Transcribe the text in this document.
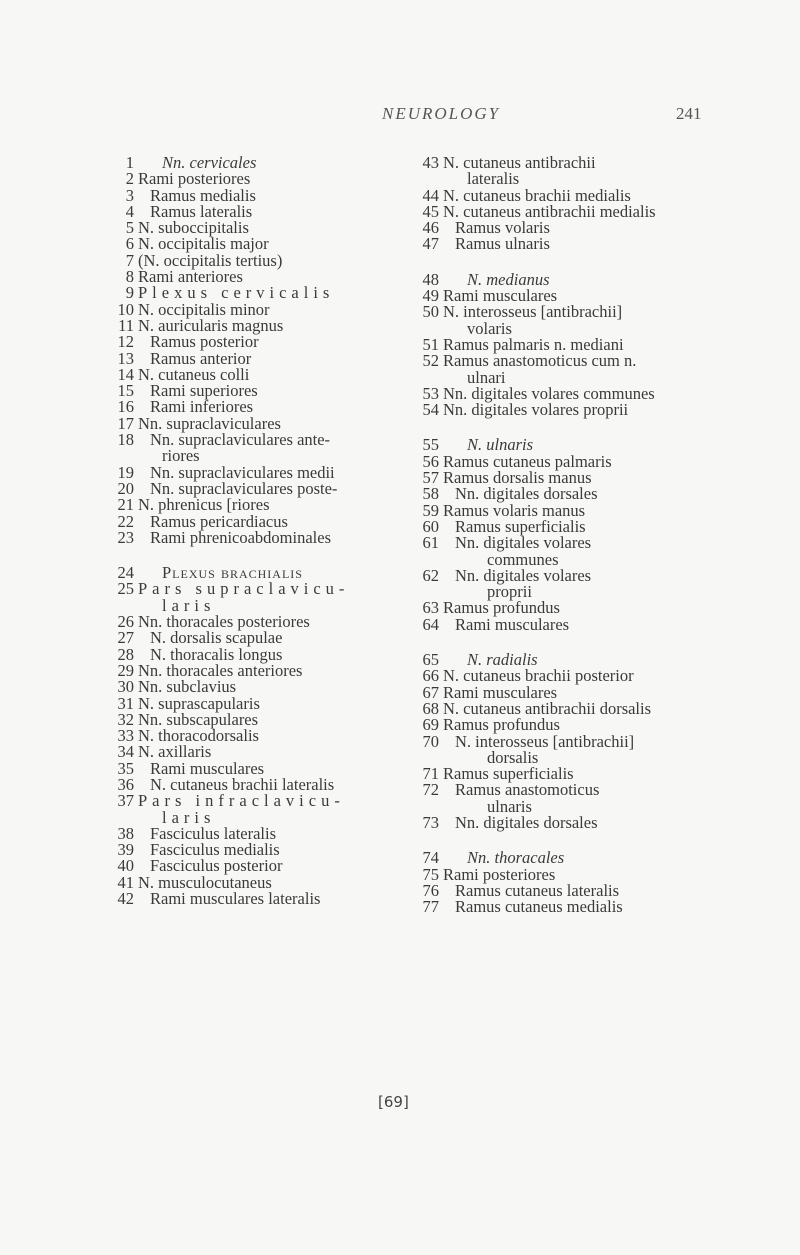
NEUROLOGY	241
1 Nn. cervicales
2 Rami posteriores
3 Ramus medialis
4 Ramus lateralis
5 N. suboccipitalis
6 N. occipitalis major
7 (N. occipitalis tertius)
8 Rami anteriores
9 Plexus cervicalis
10 N. occipitalis minor
11 N. auricularis magnus
12 Ramus posterior
13 Ramus anterior
14 N. cutaneus colli
15 Rami superiores
16 Rami inferiores
17 Nn. supraclaviculares
18 Nn. supraclaviculares ante-
riores
19 Nn. supraclaviculares medii
20 Nn. supraclaviculares poste-
21 N. phrenicus [riores
22 Ramus pericardiacus
23 Rami phrenicoabdominales
24 Plexus brachialis
25 Pars supraclavicu-
laris
26 Nn. thoracales posteriores
27 N. dorsalis scapulae
28 N. thoracalis longus
29 Nn. thoracales anteriores
30 Nn. subclavius
31 N. suprascapularis
32 Nn. subscapulares
33 N. thoracodorsalis
34 N. axillaris
35 Rami musculares
36 N. cutaneus brachii lateralis
37 Pars infraclavicu-
laris
38 Fasciculus lateralis
39 Fasciculus medialis
40 Fasciculus posterior
41 N. musculocutaneus
42 Rami musculares lateralis
43 N. cutaneus antibrachii
lateralis
44 N. cutaneus brachii medialis
45 N. cutaneus antibrachii medialis
46 Ramus volaris
47 Ramus ulnaris
48 N. medianus
49 Rami musculares
50 N. interosseus [antibrachii]
volaris
51 Ramus palmaris n. mediani
52 Ramus anastomoticus cum n.
ulnari
53 Nn. digitales volares communes
54 Nn. digitales volares proprii
55 N. ulnaris
56 Ramus cutaneus palmaris
57 Ramus dorsalis manus
58 Nn. digitales dorsales
59 Ramus volaris manus
60 Ramus superficialis
61 Nn. digitales volares
communes
62 Nn. digitales volares
proprii
63 Ramus profundus
64 Rami musculares
65 N. radialis
66 N. cutaneus brachii posterior
67 Rami musculares
68 N. cutaneus antibrachii dorsalis
69 Ramus profundus
70 N. interosseus [antibrachii]
dorsalis
71 Ramus superficialis
72 Ramus anastomoticus
ulnaris
73 Nn. digitales dorsales
74 Nn. thoracales
75 Rami posteriores
76 Ramus cutaneus lateralis
77 Ramus cutaneus medialis
[69]
